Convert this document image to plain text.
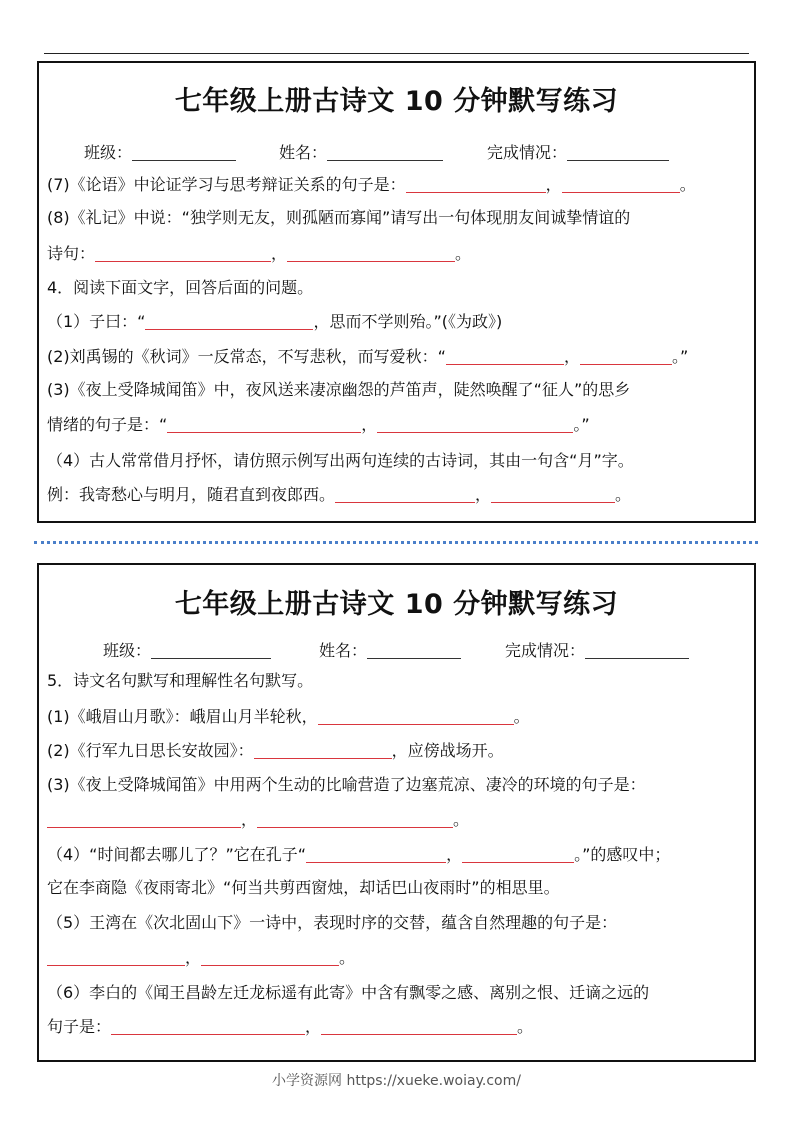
七年级上册古诗文 10 分钟默写练习
班级：	姓名：	完成情况：
(7)《论语》中论证学习与思考辩证关系的句子是：	，	。
(8)《礼记》中说：“独学则无友，则孤陋而寡闻”请写出一句体现朋友间诚挚情谊的
诗句：	，	。
4．阅读下面文字，回答后面的问题。
（1）子曰：“	，思而不学则殆。”(《为政》)
(2)刘禹锡的《秋词》一反常态，不写悲秋，而写爱秋：“	，	。”
(3)《夜上受降城闻笛》中，夜风送来凄凉幽怨的芦笛声，陡然唤醒了“征人”的思乡
情绪的句子是：“	，	。”
（4）古人常常借月抒怀，请仿照示例写出两句连续的古诗词，其由一句含“月”字。
例：我寄愁心与明月，随君直到夜郎西。	，	。
七年级上册古诗文 10 分钟默写练习
班级：	姓名：	完成情况：
5．诗文名句默写和理解性名句默写。
(1)《峨眉山月歌》：峨眉山月半轮秋，	。
(2)《行军九日思长安故园》：	，应傍战场开。
(3)《夜上受降城闻笛》中用两个生动的比喻营造了边塞荒凉、凄冷的环境的句子是：
，	。
（4）“时间都去哪儿了？”它在孔子“	，	。”的感叹中；
它在李商隐《夜雨寄北》“何当共剪西窗烛，却话巴山夜雨时”的相思里。
（5）王湾在《次北固山下》一诗中，表现时序的交替，蕴含自然理趣的句子是：
，	。
（6）李白的《闻王昌龄左迁龙标遥有此寄》中含有飘零之感、离别之恨、迁谪之远的
句子是：	，	。
小学资源网 https://xueke.woiay.com/
